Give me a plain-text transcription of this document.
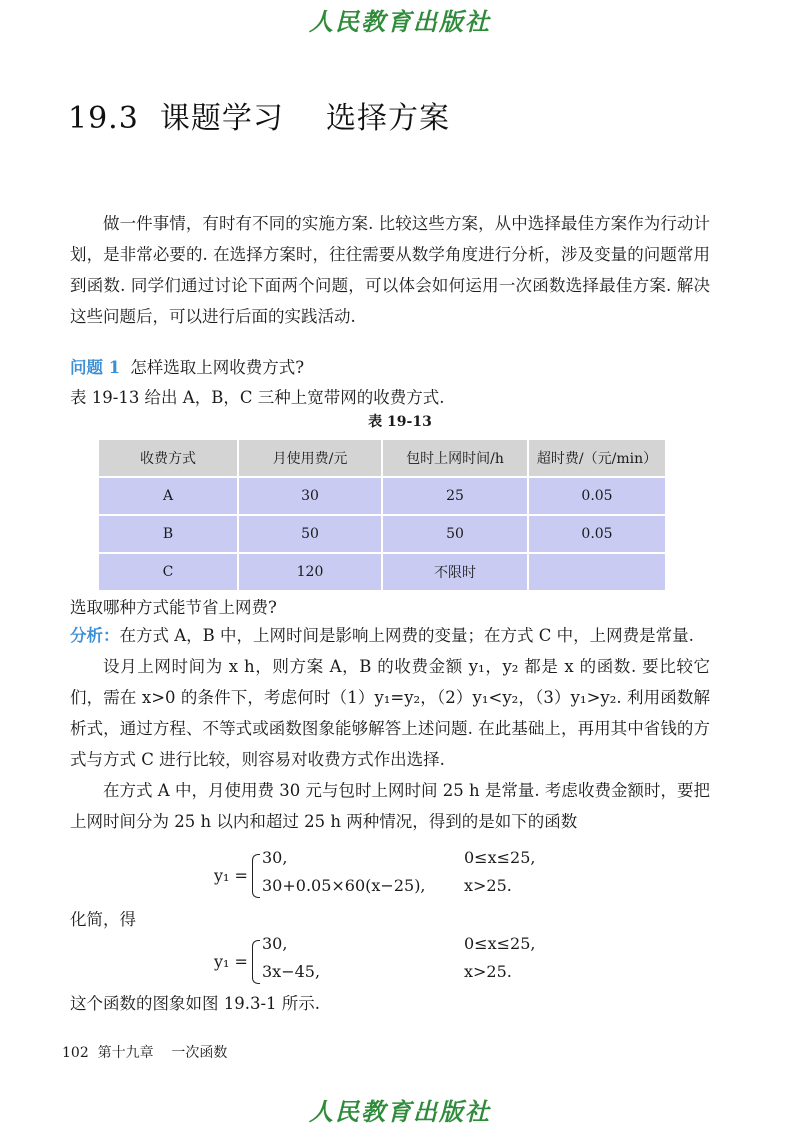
人民教育出版社
19.3  课题学习    选择方案

做一件事情，有时有不同的实施方案. 比较这些方案，从中选择最佳方案作为行动计划，是非常必要的. 在选择方案时，往往需要从数学角度进行分析，涉及变量的问题常用到函数. 同学们通过讨论下面两个问题，可以体会如何运用一次函数选择最佳方案. 解决这些问题后，可以进行后面的实践活动.

问题 1 怎样选取上网收费方式?
表 19-13 给出 A，B，C 三种上宽带网的收费方式.
表 19-13
收费方式	月使用费/元	包时上网时间/h	超时费/（元/min）
A	30	25	0.05
B	50	50	0.05
C	120	不限时	
选取哪种方式能节省上网费?

分析：在方式 A，B 中，上网时间是影响上网费的变量；在方式 C 中，上网费是常量.

设月上网时间为 x h，则方案 A，B 的收费金额 y₁，y₂ 都是 x 的函数. 要比较它们，需在 x>0 的条件下，考虑何时（1）y₁=y₂，（2）y₁<y₂，（3）y₁>y₂. 利用函数解析式，通过方程、不等式或函数图象能够解答上述问题. 在此基础上，再用其中省钱的方式与方式 C 进行比较，则容易对收费方式作出选择.

在方式 A 中，月使用费 30 元与包时上网时间 25 h 是常量. 考虑收费金额时，要把上网时间分为 25 h 以内和超过 25 h 两种情况，得到的是如下的函数

y₁ =
30,	0≤x≤25,
30+0.05×60(x−25), x>25.
化简，得
y₁ =
30,	0≤x≤25,
3x−45,	x>25.
这个函数的图象如图 19.3-1 所示.
102  第十九章    一次函数
人民教育出版社
